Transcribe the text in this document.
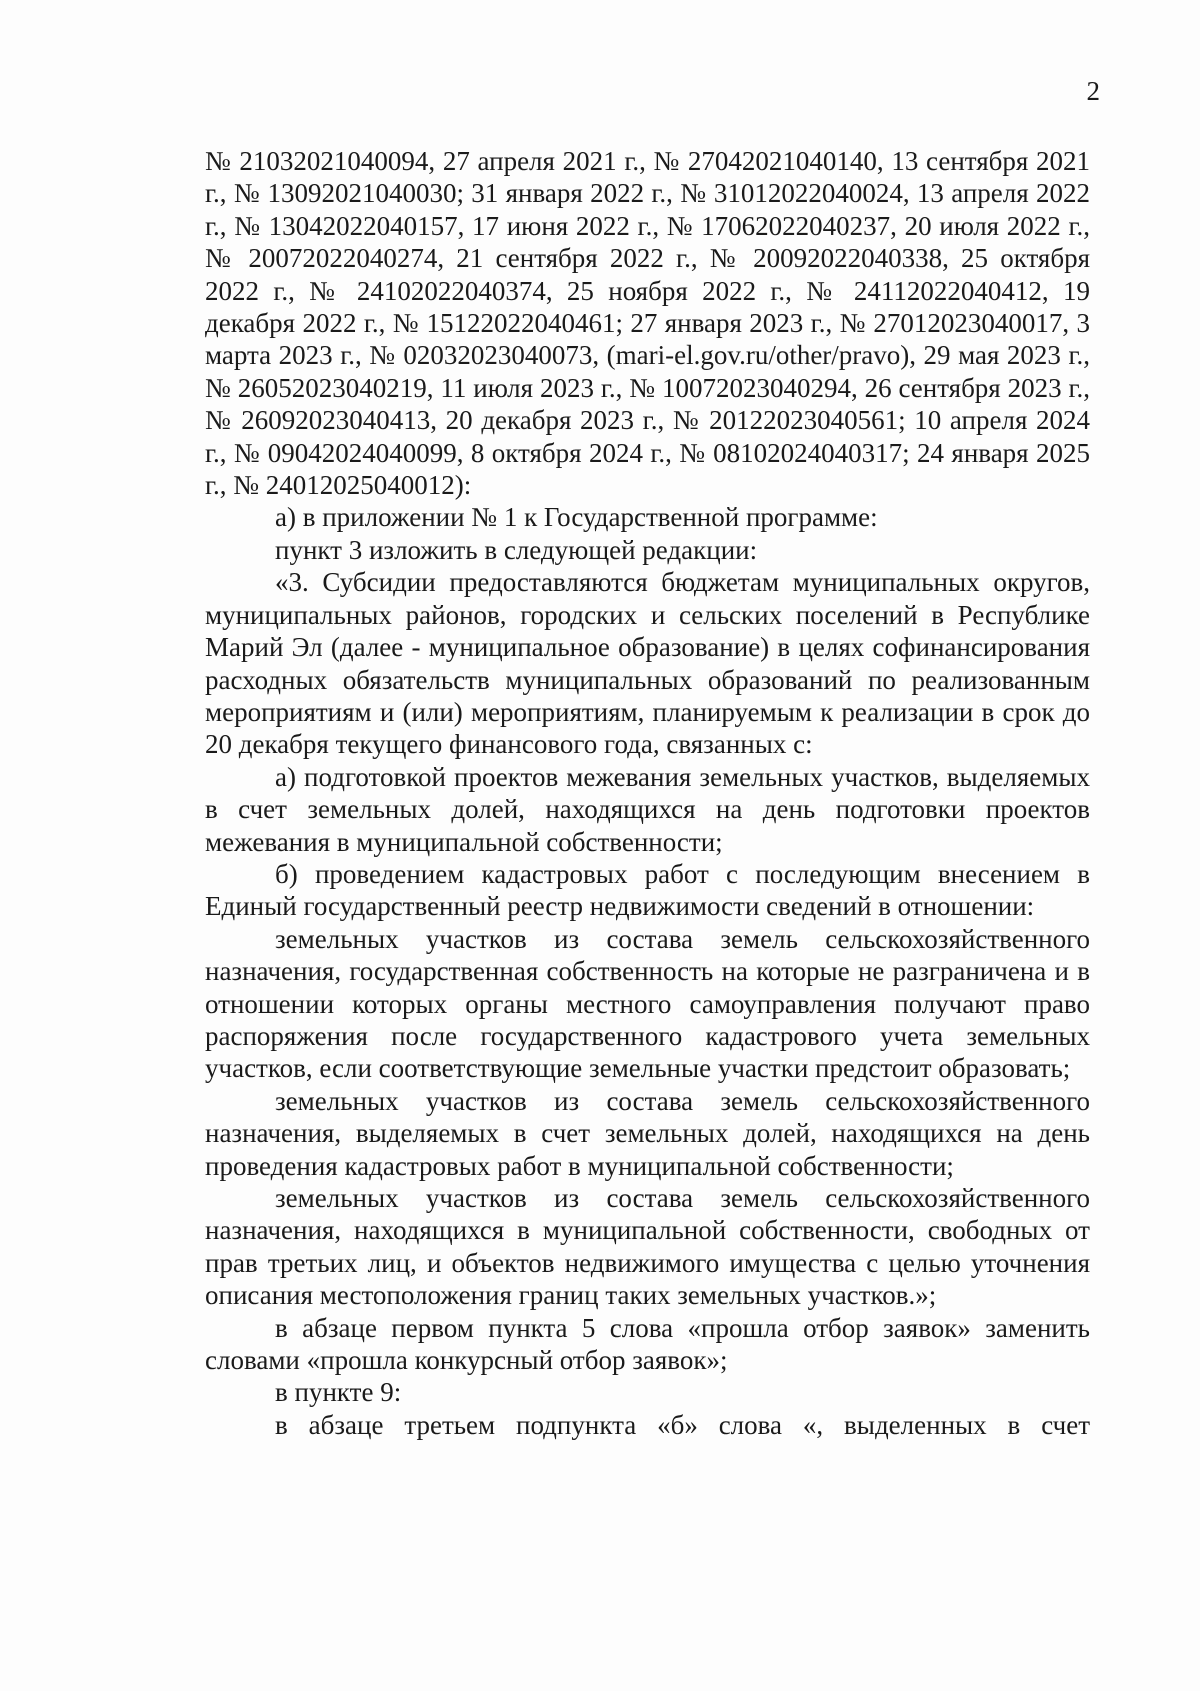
2

№ 21032021040094, 27 апреля 2021 г., № 27042021040140, 13 сентября 2021 г., № 13092021040030; 31 января 2022 г., № 31012022040024, 13 апреля 2022 г., № 13042022040157, 17 июня 2022 г., № 17062022040237, 20 июля 2022 г., № 20072022040274, 21 сентября 2022 г., № 20092022040338, 25 октября 2022 г., № 24102022040374, 25 ноября 2022 г., № 24112022040412, 19 декабря 2022 г., № 15122022040461; 27 января 2023 г., № 27012023040017, 3 марта 2023 г., № 02032023040073, (mari-el.gov.ru/other/pravo), 29 мая 2023 г., № 26052023040219, 11 июля 2023 г., № 10072023040294, 26 сентября 2023 г., № 26092023040413, 20 декабря 2023 г., № 20122023040561; 10 апреля 2024 г., № 09042024040099, 8 октября 2024 г., № 08102024040317; 24 января 2025 г., № 24012025040012):

а) в приложении № 1 к Государственной программе:

пункт 3 изложить в следующей редакции:

«3. Субсидии предоставляются бюджетам муниципальных округов, муниципальных районов, городских и сельских поселений в Республике Марий Эл (далее - муниципальное образование) в целях софинансирования расходных обязательств муниципальных образований по реализованным мероприятиям и (или) мероприятиям, планируемым к реализации в срок до 20 декабря текущего финансового года, связанных с:

а) подготовкой проектов межевания земельных участков, выделяемых в счет земельных долей, находящихся на день подготовки проектов межевания в муниципальной собственности;

б) проведением кадастровых работ с последующим внесением в Единый государственный реестр недвижимости сведений в отношении:

земельных участков из состава земель сельскохозяйственного назначения, государственная собственность на которые не разграничена и в отношении которых органы местного самоуправления получают право распоряжения после государственного кадастрового учета земельных участков, если соответствующие земельные участки предстоит образовать;

земельных участков из состава земель сельскохозяйственного назначения, выделяемых в счет земельных долей, находящихся на день проведения кадастровых работ в муниципальной собственности;

земельных участков из состава земель сельскохозяйственного назначения, находящихся в муниципальной собственности, свободных от прав третьих лиц, и объектов недвижимого имущества с целью уточнения описания местоположения границ таких земельных участков.»;

в абзаце первом пункта 5 слова «прошла отбор заявок» заменить словами «прошла конкурсный отбор заявок»;

в пункте 9:

в абзаце третьем подпункта «б» слова «, выделенных в счет
